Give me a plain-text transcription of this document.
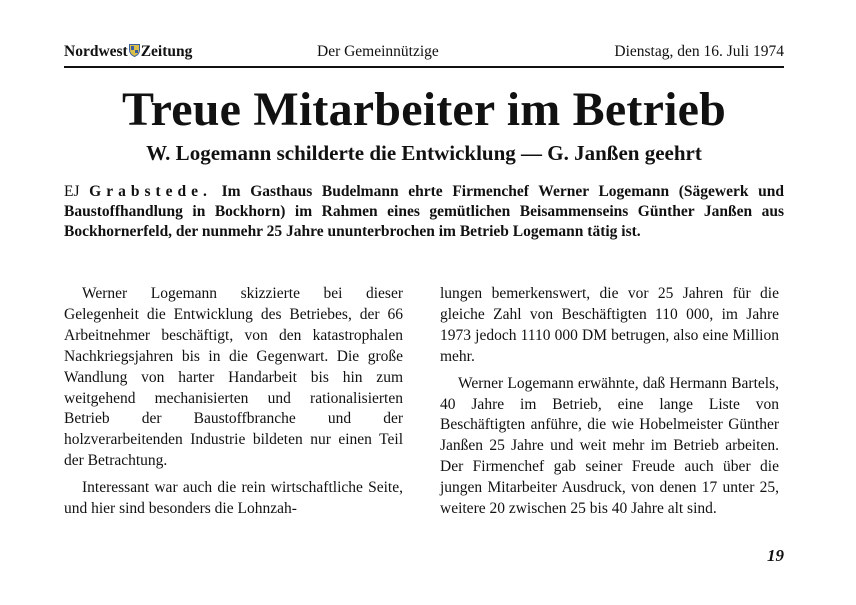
Nordwest Zeitung	Der Gemeinnützige	Dienstag, den 16. Juli 1974
Treue Mitarbeiter im Betrieb
W. Logemann schilderte die Entwicklung — G. Janßen geehrt
EJ Grabstede. Im Gasthaus Budelmann ehrte Firmenchef Werner Logemann (Sägewerk und Baustoffhandlung in Bockhorn) im Rahmen eines gemütlichen Beisammenseins Günther Janßen aus Bockhornerfeld, der nunmehr 25 Jahre ununterbrochen im Betrieb Logemann tätig ist.

Werner Logemann skizzierte bei dieser Gelegenheit die Entwicklung des Betriebes, der 66 Arbeitnehmer beschäftigt, von den katastrophalen Nachkriegsjahren bis in die Gegenwart. Die große Wandlung von harter Handarbeit bis hin zum weitgehend mechanisierten und rationalisierten Betrieb der Baustoffbranche und der holzverarbeitenden Industrie bildeten nur einen Teil der Betrachtung.

Interessant war auch die rein wirtschaftliche Seite, und hier sind besonders die Lohnzah-

lungen bemerkenswert, die vor 25 Jahren für die gleiche Zahl von Beschäftigten 110 000, im Jahre 1973 jedoch 1110 000 DM betrugen, also eine Million mehr.

Werner Logemann erwähnte, daß Hermann Bartels, 40 Jahre im Betrieb, eine lange Liste von Beschäftigten anführe, die wie Hobelmeister Günther Janßen 25 Jahre und weit mehr im Betrieb arbeiten. Der Firmenchef gab seiner Freude auch über die jungen Mitarbeiter Ausdruck, von denen 17 unter 25, weitere 20 zwischen 25 bis 40 Jahre alt sind.

19
